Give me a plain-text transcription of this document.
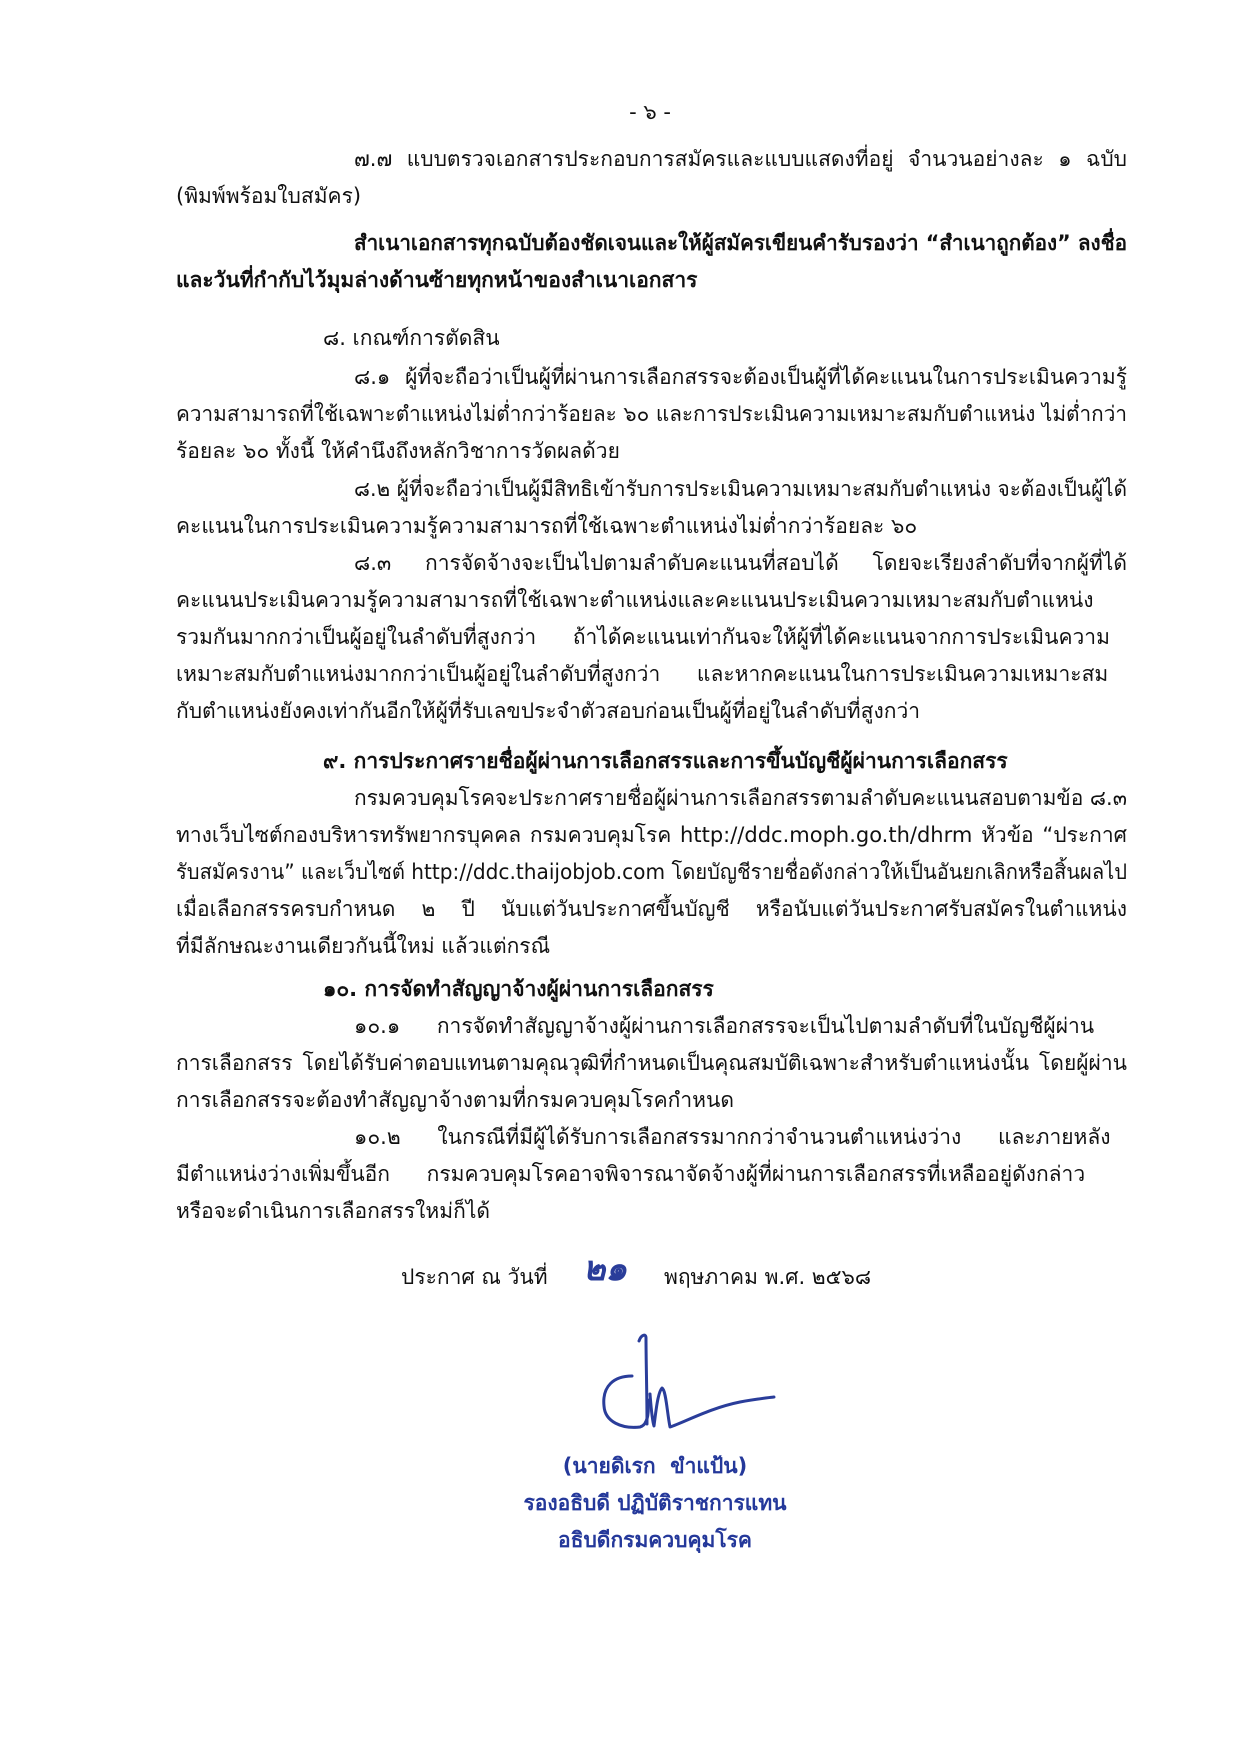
- ๖ -
๗.๗ แบบตรวจเอกสารประกอบการสมัครและแบบแสดงที่อยู่ จำนวนอย่างละ ๑ ฉบับ
(พิมพ์พร้อมใบสมัคร)
สำเนาเอกสารทุกฉบับต้องชัดเจนและให้ผู้สมัครเขียนคำรับรองว่า “สำเนาถูกต้อง” ลงชื่อ
และวันที่กำกับไว้มุมล่างด้านซ้ายทุกหน้าของสำเนาเอกสาร
๘. เกณฑ์การตัดสิน
๘.๑ ผู้ที่จะถือว่าเป็นผู้ที่ผ่านการเลือกสรรจะต้องเป็นผู้ที่ได้คะแนนในการประเมินความรู้
ความสามารถที่ใช้เฉพาะตำแหน่งไม่ต่ำกว่าร้อยละ ๖๐ และการประเมินความเหมาะสมกับตำแหน่ง ไม่ต่ำกว่า
ร้อยละ ๖๐ ทั้งนี้ ให้คำนึงถึงหลักวิชาการวัดผลด้วย
๘.๒ ผู้ที่จะถือว่าเป็นผู้มีสิทธิเข้ารับการประเมินความเหมาะสมกับตำแหน่ง จะต้องเป็นผู้ได้
คะแนนในการประเมินความรู้ความสามารถที่ใช้เฉพาะตำแหน่งไม่ต่ำกว่าร้อยละ ๖๐
๘.๓ การจัดจ้างจะเป็นไปตามลำดับคะแนนที่สอบได้ โดยจะเรียงลำดับที่จากผู้ที่ได้
คะแนนประเมินความรู้ความสามารถที่ใช้เฉพาะตำแหน่งและคะแนนประเมินความเหมาะสมกับตำแหน่ง
รวมกันมากกว่าเป็นผู้อยู่ในลำดับที่สูงกว่า ถ้าได้คะแนนเท่ากันจะให้ผู้ที่ได้คะแนนจากการประเมินความ
เหมาะสมกับตำแหน่งมากกว่าเป็นผู้อยู่ในลำดับที่สูงกว่า และหากคะแนนในการประเมินความเหมาะสม
กับตำแหน่งยังคงเท่ากันอีกให้ผู้ที่รับเลขประจำตัวสอบก่อนเป็นผู้ที่อยู่ในลำดับที่สูงกว่า
๙. การประกาศรายชื่อผู้ผ่านการเลือกสรรและการขึ้นบัญชีผู้ผ่านการเลือกสรร
กรมควบคุมโรคจะประกาศรายชื่อผู้ผ่านการเลือกสรรตามลำดับคะแนนสอบตามข้อ ๘.๓
ทางเว็บไซต์กองบริหารทรัพยากรบุคคล กรมควบคุมโรค http://ddc.moph.go.th/dhrm หัวข้อ “ประกาศ
รับสมัครงาน” และเว็บไซต์ http://ddc.thaijobjob.com โดยบัญชีรายชื่อดังกล่าวให้เป็นอันยกเลิกหรือสิ้นผลไป
เมื่อเลือกสรรครบกำหนด ๒ ปี นับแต่วันประกาศขึ้นบัญชี หรือนับแต่วันประกาศรับสมัครในตำแหน่ง
ที่มีลักษณะงานเดียวกันนี้ใหม่ แล้วแต่กรณี
๑๐. การจัดทำสัญญาจ้างผู้ผ่านการเลือกสรร
๑๐.๑ การจัดทำสัญญาจ้างผู้ผ่านการเลือกสรรจะเป็นไปตามลำดับที่ในบัญชีผู้ผ่าน
การเลือกสรร โดยได้รับค่าตอบแทนตามคุณวุฒิที่กำหนดเป็นคุณสมบัติเฉพาะสำหรับตำแหน่งนั้น โดยผู้ผ่าน
การเลือกสรรจะต้องทำสัญญาจ้างตามที่กรมควบคุมโรคกำหนด
๑๐.๒ ในกรณีที่มีผู้ได้รับการเลือกสรรมากกว่าจำนวนตำแหน่งว่าง และภายหลัง
มีตำแหน่งว่างเพิ่มขึ้นอีก กรมควบคุมโรคอาจพิจารณาจัดจ้างผู้ที่ผ่านการเลือกสรรที่เหลืออยู่ดังกล่าว
หรือจะดำเนินการเลือกสรรใหม่ก็ได้
ประกาศ ณ วันที่ ๒๑ พฤษภาคม พ.ศ. ๒๕๖๘
(นายดิเรก  ขำแป้น)
รองอธิบดี ปฏิบัติราชการแทน
อธิบดีกรมควบคุมโรค
